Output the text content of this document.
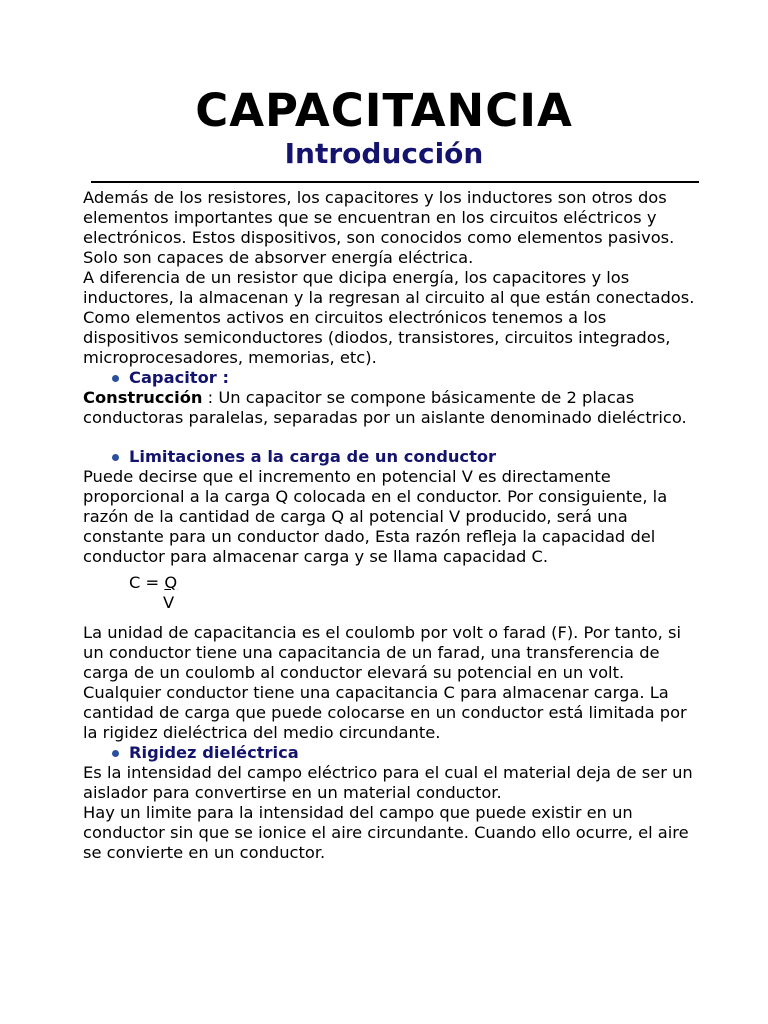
CAPACITANCIA
Introducción

Además de los resistores, los capacitores y los inductores son otros dos elementos importantes que se encuentran en los circuitos eléctricos y electrónicos. Estos dispositivos, son conocidos como elementos pasivos. Solo son capaces de absorver energía eléctrica.

A diferencia de un resistor que dicipa energía, los capacitores y los inductores, la almacenan y la regresan al circuito al que están conectados.

Como elementos activos en circuitos electrónicos tenemos a los dispositivos semiconductores (diodos, transistores, circuitos integrados, microprocesadores, memorias, etc).

Capacitor :

Construcción : Un capacitor se compone básicamente de 2 placas conductoras paralelas, separadas por un aislante denominado dieléctrico.

Limitaciones a la carga de un conductor

Puede decirse que el incremento en potencial V es directamente proporcional a la carga Q colocada en el conductor. Por consiguiente, la razón de la cantidad de carga Q al potencial V producido, será una constante para un conductor dado, Esta razón refleja la capacidad del conductor para almacenar carga y se llama capacidad C.

C = Q
V

La unidad de capacitancia es el coulomb por volt o farad (F). Por tanto, si un conductor tiene una capacitancia de un farad, una transferencia de carga de un coulomb al conductor elevará su potencial en un volt.

Cualquier conductor tiene una capacitancia C para almacenar carga. La cantidad de carga que puede colocarse en un conductor está limitada por la rigidez dieléctrica del medio circundante.

Rigidez dieléctrica

Es la intensidad del campo eléctrico para el cual el material deja de ser un aislador para convertirse en un material conductor.

Hay un limite para la intensidad del campo que puede existir en un conductor sin que se ionice el aire circundante. Cuando ello ocurre, el aire se convierte en un conductor.
